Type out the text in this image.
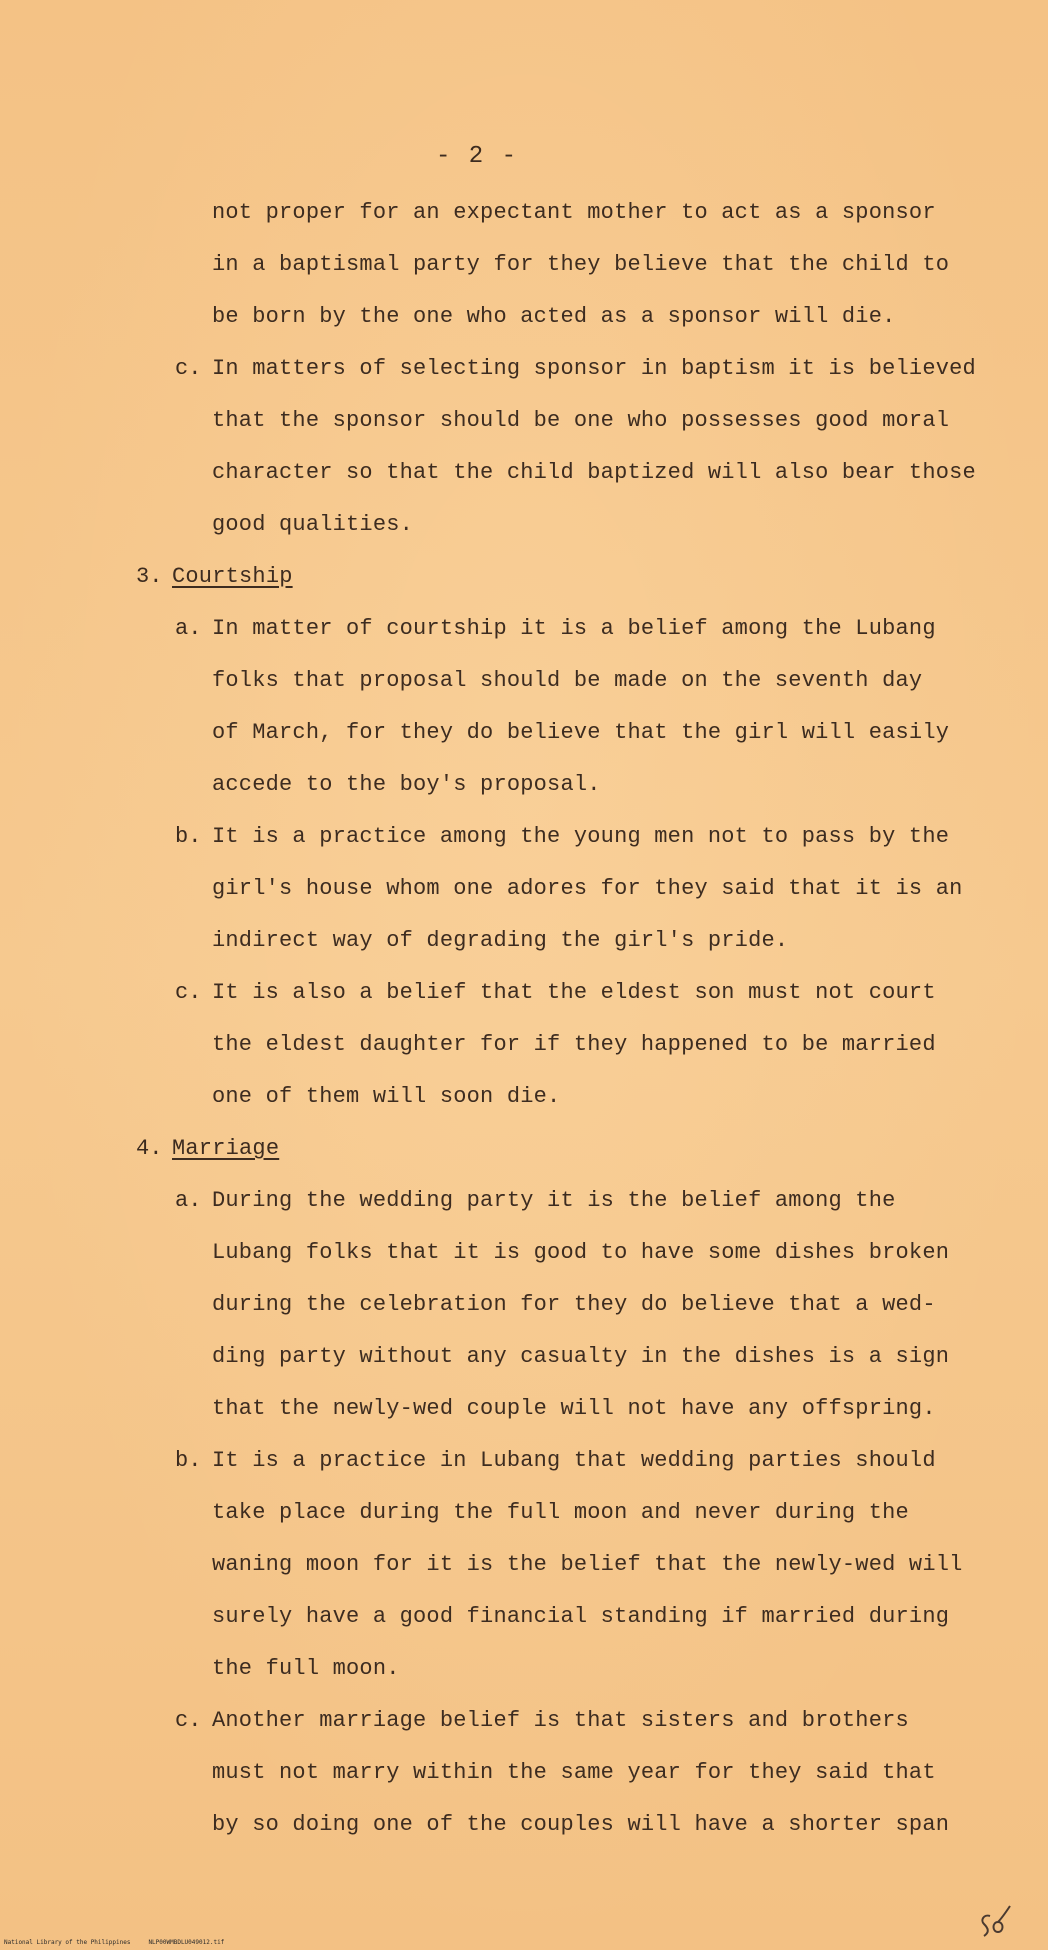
- 2 -
not proper for an expectant mother to act as a sponsor
in a baptismal party for they believe that the child to
be born by the one who acted as a sponsor will die.
c. In matters of selecting sponsor in baptism it is believed
that the sponsor should be one who possesses good moral
character so that the child baptized will also bear those
good qualities.
3. Courtship
a. In matter of courtship it is a belief among the Lubang
folks that proposal should be made on the seventh day
of March, for they do believe that the girl will easily
accede to the boy's proposal.
b. It is a practice among the young men not to pass by the
girl's house whom one adores for they said that it is an
indirect way of degrading the girl's pride.
c. It is also a belief that the eldest son must not court
the eldest daughter for if they happened to be married
one of them will soon die.
4. Marriage
a. During the wedding party it is the belief among the
Lubang folks that it is good to have some dishes broken
during the celebration for they do believe that a wed-
ding party without any casualty in the dishes is a sign
that the newly-wed couple will not have any offspring.
b. It is a practice in Lubang that wedding parties should
take place during the full moon and never during the
waning moon for it is the belief that the newly-wed will
surely have a good financial standing if married during
the full moon.
c. Another marriage belief is that sisters and brothers
must not marry within the same year for they said that
by so doing one of the couples will have a shorter span
National Library of the Philippines	NLP00WMBDLU049012.tif
